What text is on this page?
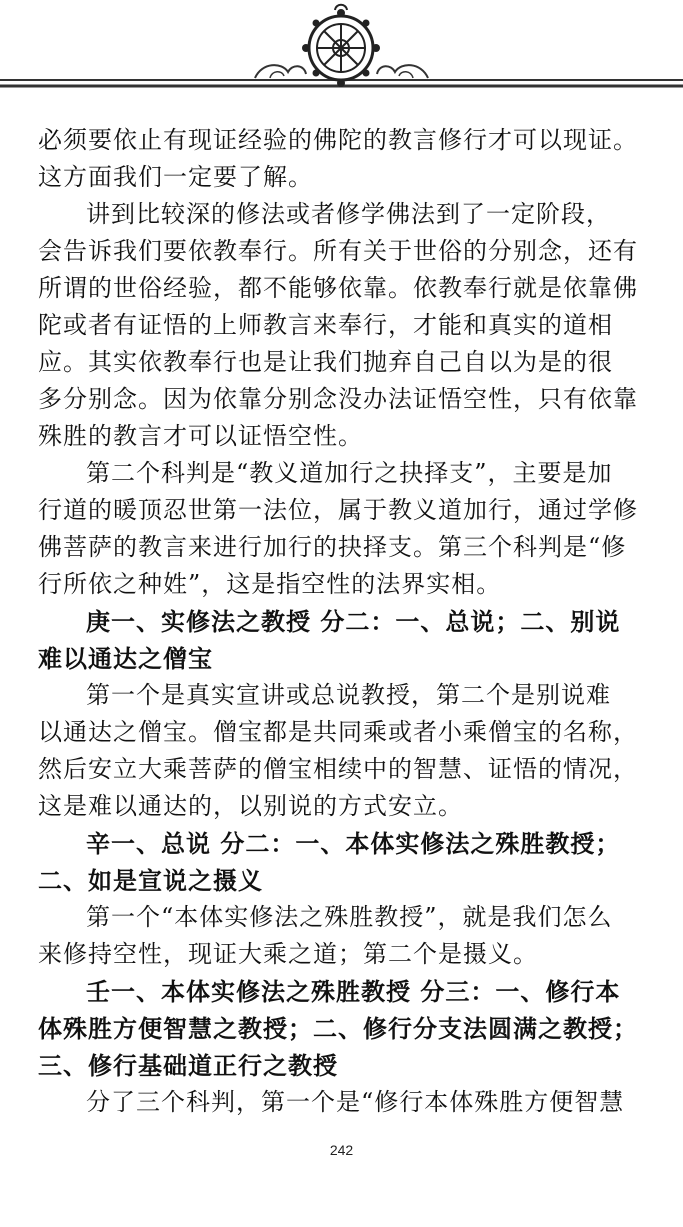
必须要依止有现证经验的佛陀的教言修行才可以现证。
这方面我们一定要了解。
讲到比较深的修法或者修学佛法到了一定阶段，
会告诉我们要依教奉行。所有关于世俗的分别念，还有
所谓的世俗经验，都不能够依靠。依教奉行就是依靠佛
陀或者有证悟的上师教言来奉行，才能和真实的道相
应。其实依教奉行也是让我们抛弃自己自以为是的很
多分别念。因为依靠分别念没办法证悟空性，只有依靠
殊胜的教言才可以证悟空性。
第二个科判是“教义道加行之抉择支”，主要是加
行道的暖顶忍世第一法位，属于教义道加行，通过学修
佛菩萨的教言来进行加行的抉择支。第三个科判是“修
行所依之种姓”，这是指空性的法界实相。
庚一、实修法之教授 分二：一、总说；二、别说
难以通达之僧宝
第一个是真实宣讲或总说教授，第二个是别说难
以通达之僧宝。僧宝都是共同乘或者小乘僧宝的名称，
然后安立大乘菩萨的僧宝相续中的智慧、证悟的情况，
这是难以通达的，以别说的方式安立。
辛一、总说 分二：一、本体实修法之殊胜教授；
二、如是宣说之摄义
第一个“本体实修法之殊胜教授”，就是我们怎么
来修持空性，现证大乘之道；第二个是摄义。
壬一、本体实修法之殊胜教授 分三：一、修行本
体殊胜方便智慧之教授；二、修行分支法圆满之教授；
三、修行基础道正行之教授
分了三个科判，第一个是“修行本体殊胜方便智慧
242
